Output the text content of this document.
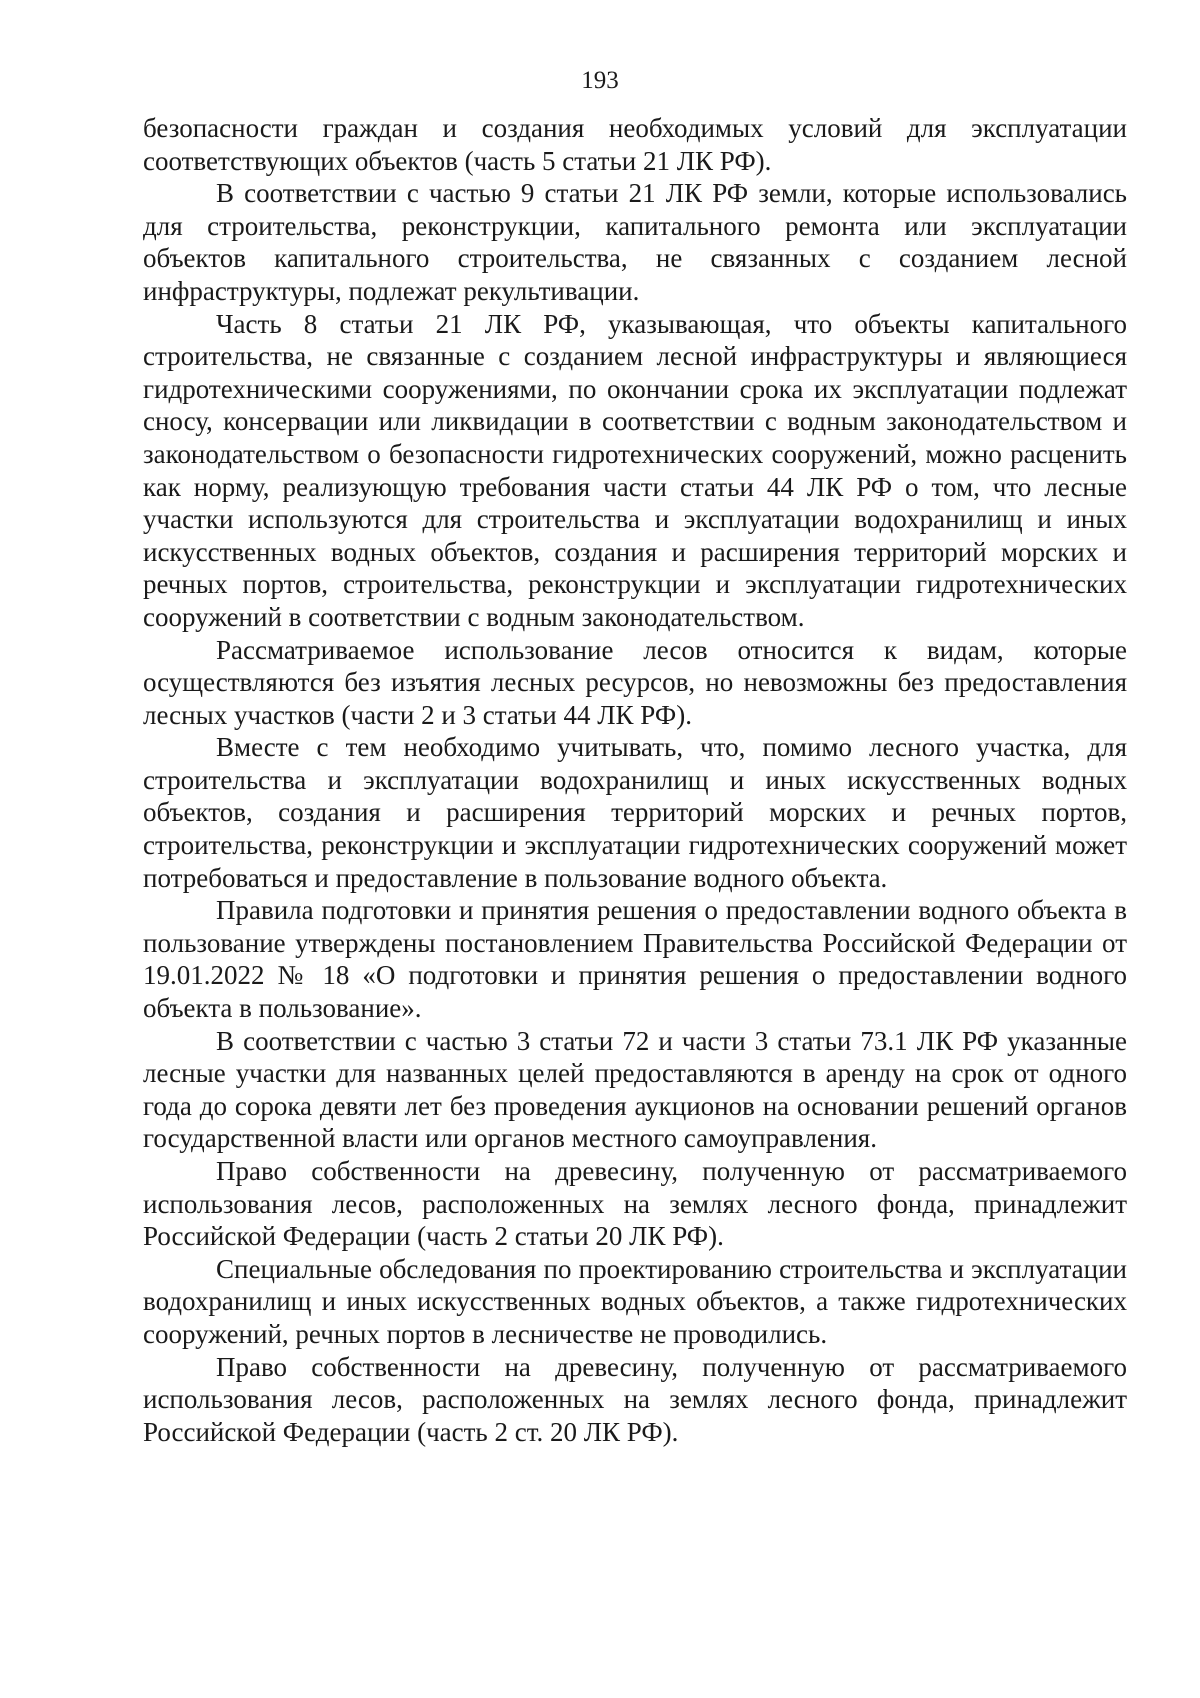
193

безопасности граждан и создания необходимых условий для эксплуатации соответствующих объектов (часть 5 статьи 21 ЛК РФ).

В соответствии с частью 9 статьи 21 ЛК РФ земли, которые использовались для строительства, реконструкции, капитального ремонта или эксплуатации объектов капитального строительства, не связанных с созданием лесной инфраструктуры, подлежат рекультивации.

Часть 8 статьи 21 ЛК РФ, указывающая, что объекты капитального строительства, не связанные с созданием лесной инфраструктуры и являющиеся гидротехническими сооружениями, по окончании срока их эксплуатации подлежат сносу, консервации или ликвидации в соответствии с водным законодательством и законодательством о безопасности гидротехнических сооружений, можно расценить как норму, реализующую требования части статьи 44 ЛК РФ о том, что лесные участки используются для строительства и эксплуатации водохранилищ и иных искусственных водных объектов, создания и расширения территорий морских и речных портов, строительства, реконструкции и эксплуатации гидротехнических сооружений в соответствии с водным законодательством.

Рассматриваемое использование лесов относится к видам, которые осуществляются без изъятия лесных ресурсов, но невозможны без предоставления лесных участков (части 2 и 3 статьи 44 ЛК РФ).

Вместе с тем необходимо учитывать, что, помимо лесного участка, для строительства и эксплуатации водохранилищ и иных искусственных водных объектов, создания и расширения территорий морских и речных портов, строительства, реконструкции и эксплуатации гидротехнических сооружений может потребоваться и предоставление в пользование водного объекта.

Правила подготовки и принятия решения о предоставлении водного объекта в пользование утверждены постановлением Правительства Российской Федерации от 19.01.2022 № 18 «О подготовки и принятия решения о предоставлении водного объекта в пользование».

В соответствии с частью 3 статьи 72 и части 3 статьи 73.1 ЛК РФ указанные лесные участки для названных целей предоставляются в аренду на срок от одного года до сорока девяти лет без проведения аукционов на основании решений органов государственной власти или органов местного самоуправления.

Право собственности на древесину, полученную от рассматриваемого использования лесов, расположенных на землях лесного фонда, принадлежит Российской Федерации (часть 2 статьи 20 ЛК РФ).

Специальные обследования по проектированию строительства и эксплуатации водохранилищ и иных искусственных водных объектов, а также гидротехнических сооружений, речных портов в лесничестве не проводились.

Право собственности на древесину, полученную от рассматриваемого использования лесов, расположенных на землях лесного фонда, принадлежит Российской Федерации (часть 2 ст. 20 ЛК РФ).
